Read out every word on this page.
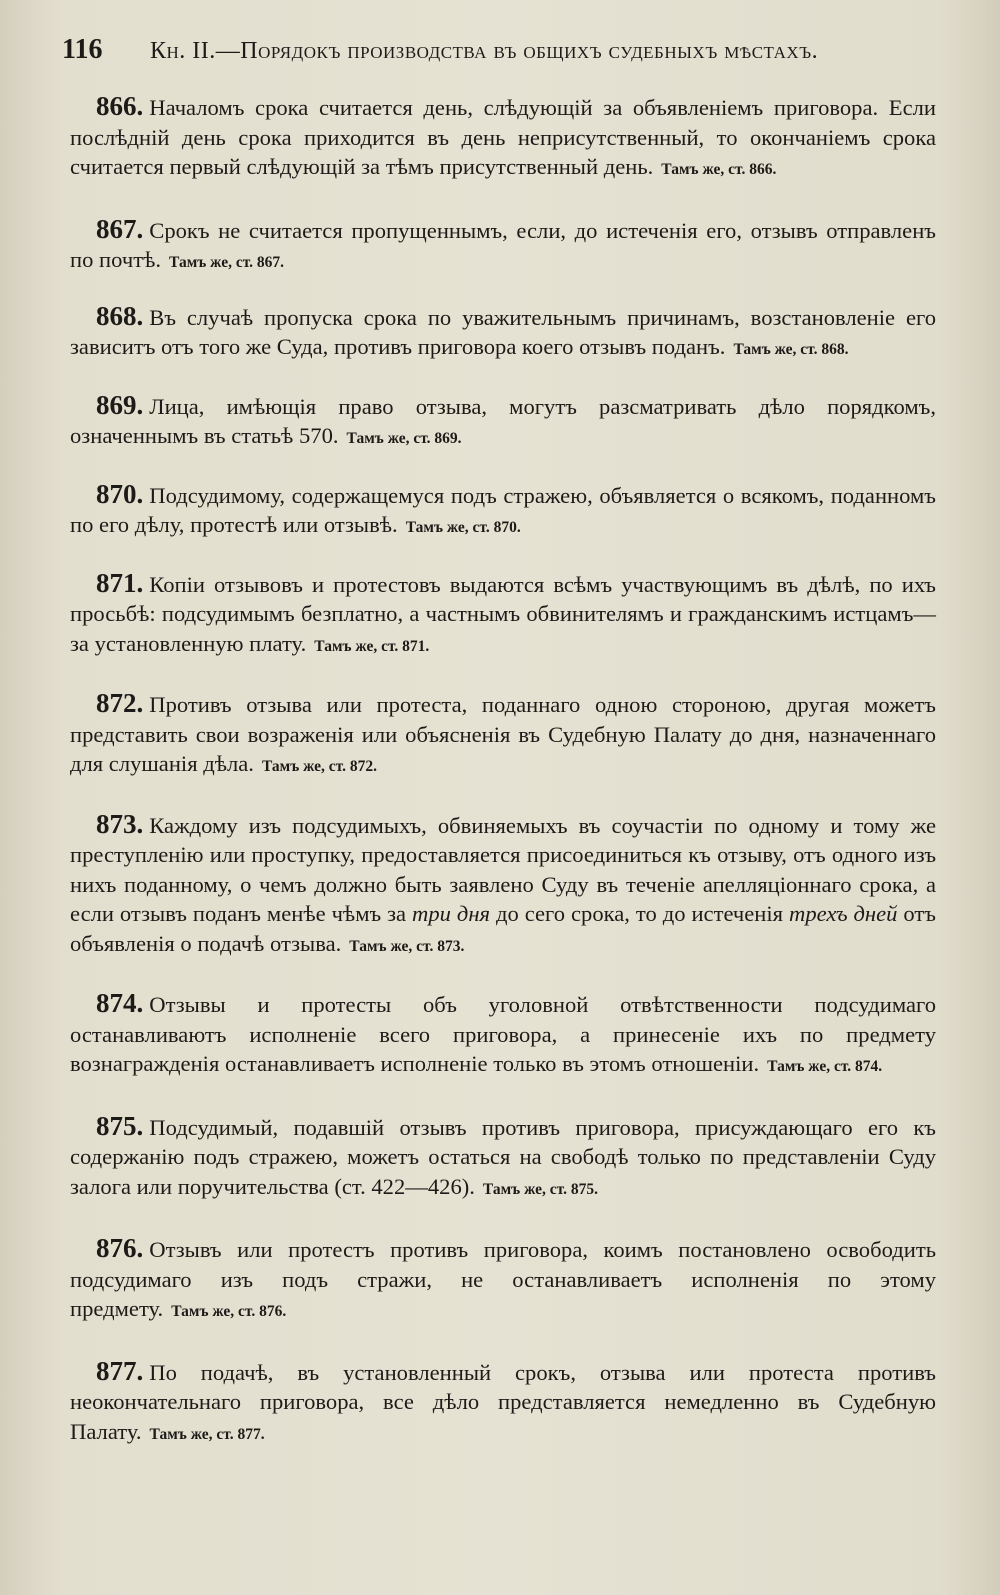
116	Кн. II.—Порядокъ производства въ общихъ судебныхъ мѣстахъ.

866. Началомъ срока считается день, слѣдующій за объявленіемъ приговора. Если послѣдній день срока приходится въ день неприсутственный, то окончаніемъ срока считается первый слѣдующій за тѣмъ присутственный день. Тамъ же, ст. 866.

867. Срокъ не считается пропущеннымъ, если, до истеченія его, отзывъ отправленъ по почтѣ. Тамъ же, ст. 867.

868. Въ случаѣ пропуска срока по уважительнымъ причинамъ, возстановленіе его зависитъ отъ того же Суда, противъ приговора коего отзывъ поданъ. Тамъ же, ст. 868.

869. Лица, имѣющія право отзыва, могутъ разсматривать дѣло порядкомъ, означеннымъ въ статьѣ 570. Тамъ же, ст. 869.

870. Подсудимому, содержащемуся подъ стражею, объявляется о всякомъ, поданномъ по его дѣлу, протестѣ или отзывѣ. Тамъ же, ст. 870.

871. Копіи отзывовъ и протестовъ выдаются всѣмъ участвующимъ въ дѣлѣ, по ихъ просьбѣ: подсудимымъ безплатно, а частнымъ обвинителямъ и гражданскимъ истцамъ—за установленную плату. Тамъ же, ст. 871.

872. Противъ отзыва или протеста, поданнаго одною стороною, другая можетъ представить свои возраженія или объясненія въ Судебную Палату до дня, назначеннаго для слушанія дѣла. Тамъ же, ст. 872.

873. Каждому изъ подсудимыхъ, обвиняемыхъ въ соучастіи по одному и тому же преступленію или проступку, предоставляется присоединиться къ отзыву, отъ одного изъ нихъ поданному, о чемъ должно быть заявлено Суду въ теченіе апелляціоннаго срока, а если отзывъ поданъ менѣе чѣмъ за три дня до сего срока, то до истеченія трехъ дней отъ объявленія о подачѣ отзыва. Тамъ же, ст. 873.

874. Отзывы и протесты объ уголовной отвѣтственности подсудимаго останавливаютъ исполненіе всего приговора, а принесеніе ихъ по предмету вознагражденія останавливаетъ исполненіе только въ этомъ отношеніи. Тамъ же, ст. 874.

875. Подсудимый, подавшій отзывъ противъ приговора, присуждающаго его къ содержанію подъ стражею, можетъ остаться на свободѣ только по представленіи Суду залога или поручительства (ст. 422—426). Тамъ же, ст. 875.

876. Отзывъ или протестъ противъ приговора, коимъ постановлено освободить подсудимаго изъ подъ стражи, не останавливаетъ исполненія по этому предмету. Тамъ же, ст. 876.

877. По подачѣ, въ установленный срокъ, отзыва или протеста противъ неокончательнаго приговора, все дѣло представляется немедленно въ Судебную Палату. Тамъ же, ст. 877.
